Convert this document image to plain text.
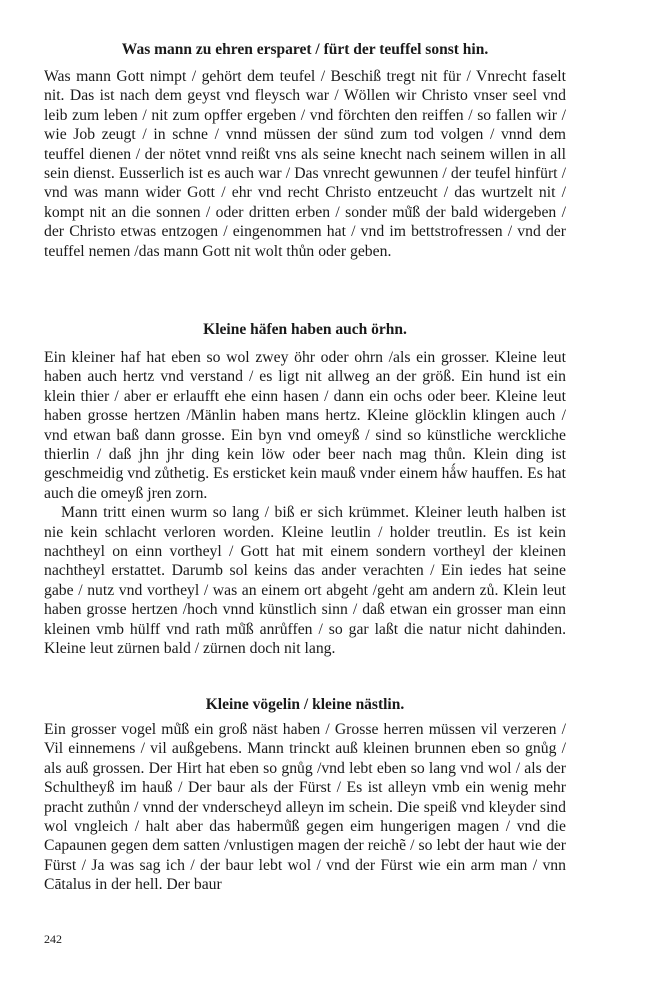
Was mann zu ehren ersparet / fürt der teuffel sonst hin.

Was mann Gott nimpt / gehört dem teufel / Beschiß tregt nit für / Vnrecht faselt nit. Das ist nach dem geyst vnd fleysch war / Wöllen wir Christo vnser seel vnd leib zum leben / nit zum opffer ergeben / vnd förchten den reiffen / so fallen wir / wie Job zeugt / in schne / vnnd müssen der sünd zum tod volgen / vnnd dem teuffel dienen / der nötet vnnd reißt vns als seine knecht nach seinem willen in all sein dienst. Eusserlich ist es auch war / Das vnrecht gewunnen / der teufel hinfürt / vnd was mann wider Gott / ehr vnd recht Christo entzeucht / das wurtzelt nit / kompt nit an die sonnen / oder dritten erben / sonder mů̈ß der bald widergeben / der Christo etwas entzogen / eingenommen hat / vnd im bettstrofressen / vnd der teuffel nemen /das mann Gott nit wolt thůn oder geben.

Kleine häfen haben auch örhn.

Ein kleiner haf hat eben so wol zwey öhr oder ohrn /als ein grosser. Kleine leut haben auch hertz vnd verstand / es ligt nit allweg an der größ. Ein hund ist ein klein thier / aber er erlaufft ehe einn hasen / dann ein ochs oder beer. Kleine leut haben grosse hertzen /Mänlin haben mans hertz. Kleine glöcklin klingen auch / vnd etwan baß dann grosse. Ein byn vnd omeyß / sind so künstliche werckliche thierlin / daß jhn jhr ding kein löw oder beer nach mag thůn. Klein ding ist geschmeidig vnd zůthetig. Es ersticket kein mauß vnder einem hǻw hauffen. Es hat auch die omeyß jren zorn.

Mann tritt einen wurm so lang / biß er sich krümmet. Kleiner leuth halben ist nie kein schlacht verloren worden. Kleine leutlin / holder treutlin. Es ist kein nachtheyl on einn vortheyl / Gott hat mit einem sondern vortheyl der kleinen nachtheyl erstattet. Darumb sol keins das ander verachten / Ein iedes hat seine gabe / nutz vnd vortheyl / was an einem ort abgeht /geht am andern zů. Klein leut haben grosse hertzen /hoch vnnd künstlich sinn / daß etwan ein grosser man einn kleinen vmb hülff vnd rath mů̈ß anrůffen / so gar laßt die natur nicht dahinden. Kleine leut zürnen bald / zürnen doch nit lang.

Kleine vögelin / kleine nästlin.

Ein grosser vogel mů̈ß ein groß näst haben / Grosse herren müssen vil verzeren / Vil einnemens / vil außgebens. Mann trinckt auß kleinen brunnen eben so gnůg / als auß grossen. Der Hirt hat eben so gnůg /vnd lebt eben so lang vnd wol / als der Schultheyß im hauß / Der baur als der Fürst / Es ist alleyn vmb ein wenig mehr pracht zuthůn / vnnd der vnderscheyd alleyn im schein. Die speiß vnd kleyder sind wol vngleich / halt aber das habermů̈ß gegen eim hungerigen magen / vnd die Capaunen gegen dem satten /vnlustigen magen der reichẽ / so lebt der haut wie der Fürst / Ja was sag ich / der baur lebt wol / vnd der Fürst wie ein arm man / vnn Cātalus in der hell. Der baur

242
